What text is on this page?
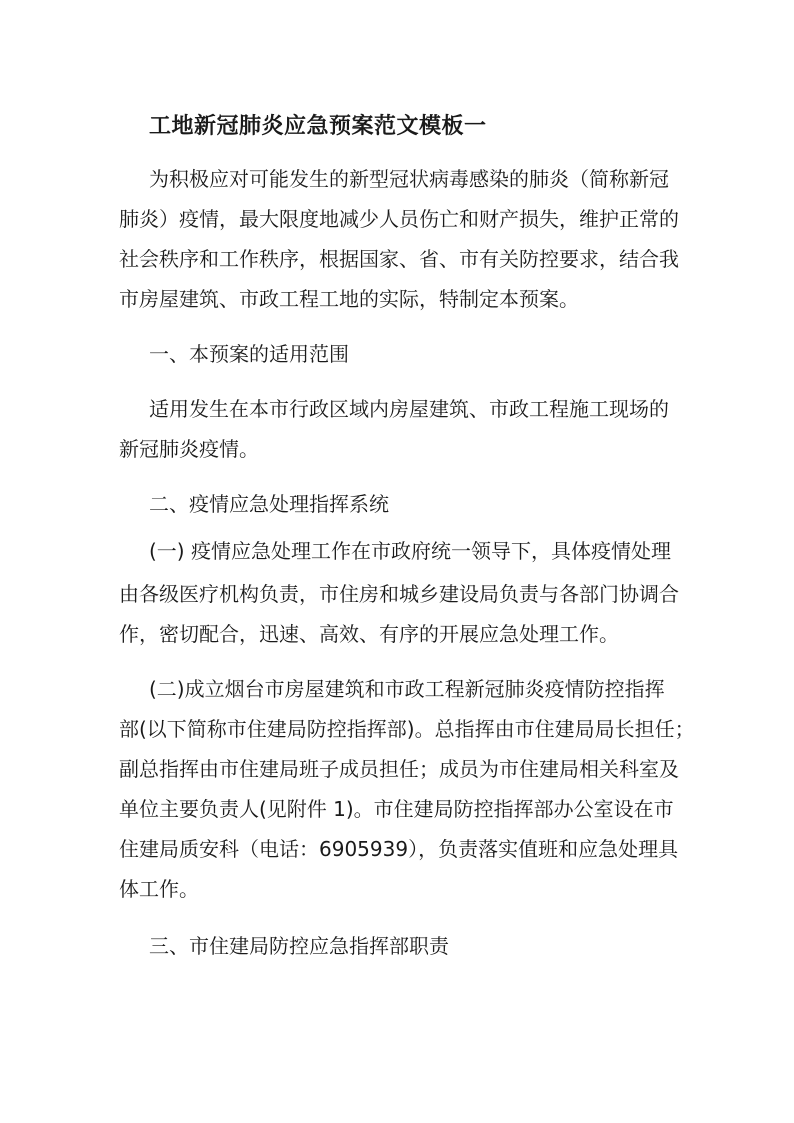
工地新冠肺炎应急预案范文模板一
为积极应对可能发生的新型冠状病毒感染的肺炎（简称新冠
肺炎）疫情，最大限度地减少人员伤亡和财产损失，维护正常的
社会秩序和工作秩序，根据国家、省、市有关防控要求，结合我
市房屋建筑、市政工程工地的实际，特制定本预案。
一、本预案的适用范围
适用发生在本市行政区域内房屋建筑、市政工程施工现场的
新冠肺炎疫情。
二、疫情应急处理指挥系统
(一) 疫情应急处理工作在市政府统一领导下，具体疫情处理
由各级医疗机构负责，市住房和城乡建设局负责与各部门协调合
作，密切配合，迅速、高效、有序的开展应急处理工作。
(二)成立烟台市房屋建筑和市政工程新冠肺炎疫情防控指挥
部(以下简称市住建局防控指挥部)。总指挥由市住建局局长担任；
副总指挥由市住建局班子成员担任；成员为市住建局相关科室及
单位主要负责人(见附件 1)。市住建局防控指挥部办公室设在市
住建局质安科（电话：6905939），负责落实值班和应急处理具
体工作。
三、市住建局防控应急指挥部职责
